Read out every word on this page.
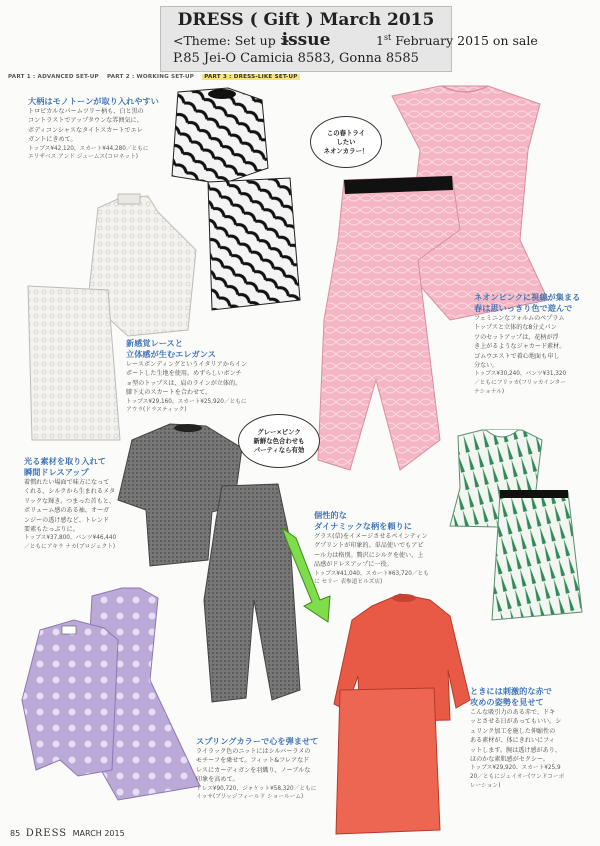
DRESS ( Gift ) March 2015 issue
<Theme: Set up >	1st February 2015 on sale
P.85 Jei-O Camicia 8583, Gonna 8585
PART 1 : ADVANCED SET-UP PART 2 : WORKING SET-UP PART 3 : DRESS-LIKE SET-UP
大柄はモノトーンが取り入れやすい
トロピカルなパームツリー柄も、白と黒の
コントラストでアップタウンな雰囲気に。
ボディコンシャスなタイトスカートでエレ
ガントにきめて。
トップス¥42,120、スカート¥44,280／ともに
エリザベス アンド ジェームス(コロネット)
新感覚レースと
立体感が生むエレガンス
レースボンディングというイタリアからイン
ポートした生地を使用。めずらしいボンチ
ョ型のトップスは、肩のラインが立体的。
膝下丈のスカートを合わせて。
トップス¥29,160、スカート¥25,920／ともに
アウラ(ドラスティック)
光る素材を取り入れて
瞬間ドレスアップ
着慣れたい場面で味方になって
くれる、シルクから生まれるメタ
リックな輝き。つまった首もと、
ボリューム感のある袖、オーガ
ンジーの透け感など、トレンド
要素もたっぷりに。
トップス¥37,800、パンツ¥46,440
／ともにアキラ ナカ(プロジェクト)
ネオンピンクに視線が集まる
春は思いっきり色で遊んで
フェミニンなフォルムのペプラム
トップスと立体的な8分丈パン
ツのセットアップは、花柄が浮
き上がるようなジャカード素材。
ゴムウエストで着心地面も申し
分ない。
トップス¥30,240、パンツ¥31,320
／ともにフリッカ(フリッカインター
ナショナル)
個性的な
ダイナミックな柄を頼りに
グラス(草)をイメージさせるペインティン
グプリントが印象的。単品使いでもアピ
ール力は格別。贅沢にシルクを使い、上
品感がドレスアップに一役。
トップス¥41,040、スカート¥63,720／とも
に セリー 表参道ヒルズ店)
スプリングカラーで心を弾ませて
ライラック色のニットにはシルバーラメの
モチーフを乗せて。フィット&フレアなド
レスにカーディガンを羽織り、ノーブルな
印象を高めて。
ドレス¥90,720、ジャケット¥58,320／ともに
イッサ(ブリッジフィールド ショールーム)
ときには刺激的な赤で
攻めの姿勢を見せて
こんな吸引力のある赤で、ドキ
ッとさせる日があってもいい。シ
ュリンク加工を施した伸縮性の
ある素材が、体にきれいにフィ
ットします。腕は透け感があり、
ほのかな素肌感がセクシー。
トップス¥29,920、スカート¥25,9
20／ともにジェイオー(ワンドコーポ
レーション)
この春トライ
したい
ネオンカラー！
グレー×ピンク
新鮮な色合わせも
パーティなら有効
85 DRESS MARCH 2015
